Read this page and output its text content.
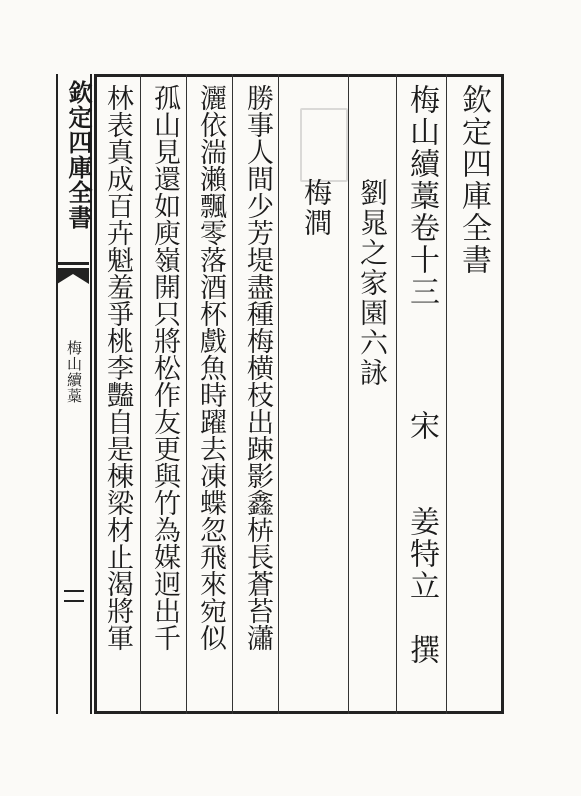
欽定四庫全書
梅山續藁
欽定四庫全書
梅山續藁卷十三
宋　　姜特立　撰
劉晁之家園六詠
梅澗
勝事人間少芳堤盡種梅横枝出踈影鑫枿長蒼苔瀟
灑依湍瀨飄零落酒杯戲魚時躍去凍蝶忽飛來宛似
孤山見還如庾嶺開只將松作友更與竹為媒迥出千
林表真成百卉魁羞爭桃李豔自是棟梁材止渴將軍
